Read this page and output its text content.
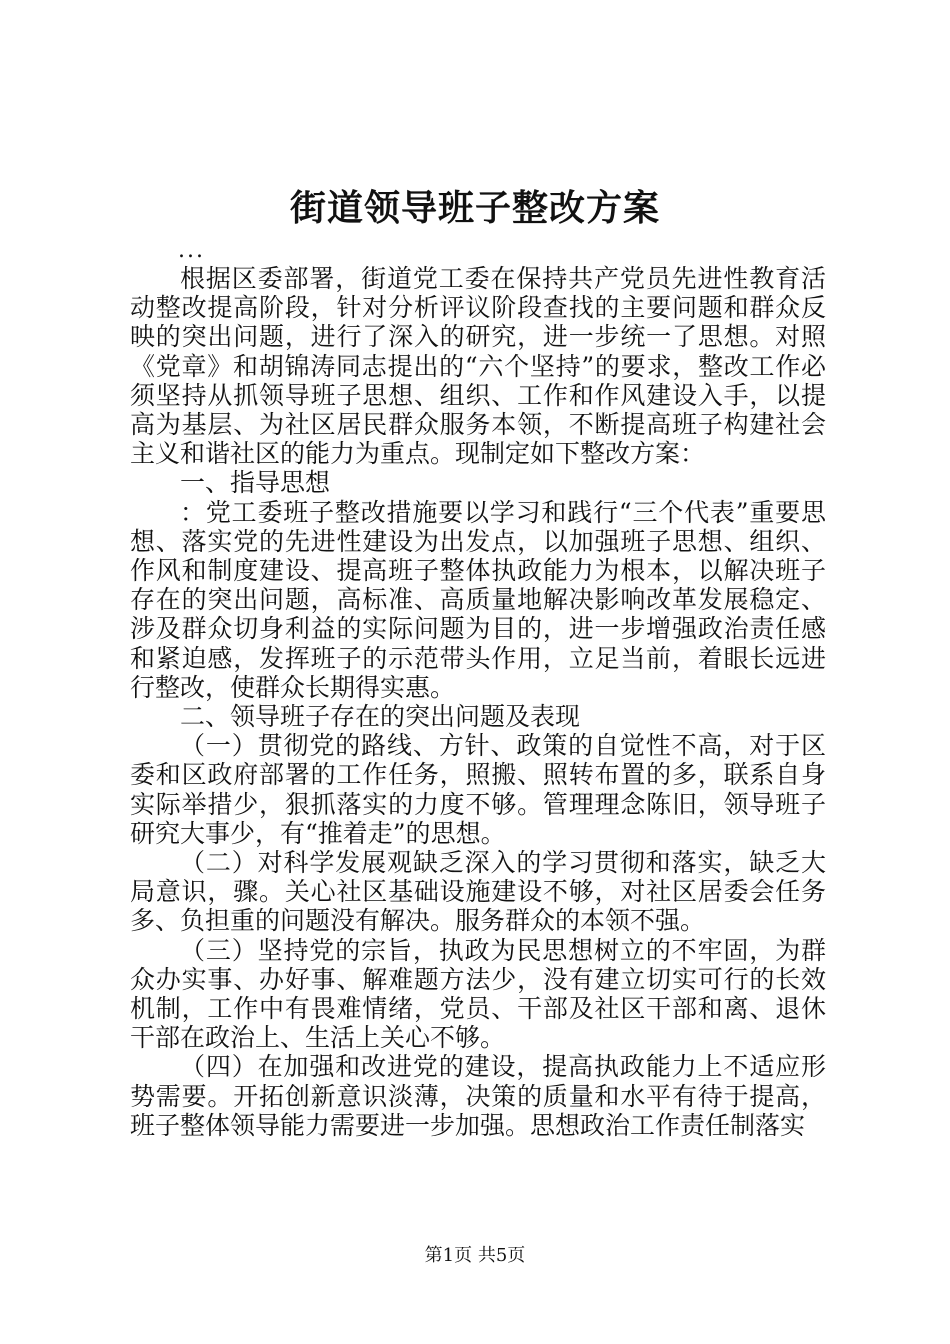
街道领导班子整改方案
...

根据区委部署，街道党工委在保持共产党员先进性教育活动整改提高阶段，针对分析评议阶段查找的主要问题和群众反映的突出问题，进行了深入的研究，进一步统一了思想。对照《党章》和胡锦涛同志提出的“六个坚持”的要求，整改工作必须坚持从抓领导班子思想、组织、工作和作风建设入手，以提高为基层、为社区居民群众服务本领，不断提高班子构建社会主义和谐社区的能力为重点。现制定如下整改方案：

一、指导思想

：党工委班子整改措施要以学习和践行“三个代表”重要思想、落实党的先进性建设为出发点，以加强班子思想、组织、作风和制度建设、提高班子整体执政能力为根本，以解决班子存在的突出问题，高标准、高质量地解决影响改革发展稳定、涉及群众切身利益的实际问题为目的，进一步增强政治责任感和紧迫感，发挥班子的示范带头作用，立足当前，着眼长远进行整改，使群众长期得实惠。

二、领导班子存在的突出问题及表现

（一）贯彻党的路线、方针、政策的自觉性不高，对于区委和区政府部署的工作任务，照搬、照转布置的多，联系自身实际举措少，狠抓落实的力度不够。管理理念陈旧，领导班子研究大事少，有“推着走”的思想。

（二）对科学发展观缺乏深入的学习贯彻和落实，缺乏大局意识，骤。关心社区基础设施建设不够，对社区居委会任务多、负担重的问题没有解决。服务群众的本领不强。

（三）坚持党的宗旨，执政为民思想树立的不牢固，为群众办实事、办好事、解难题方法少，没有建立切实可行的长效机制，工作中有畏难情绪，党员、干部及社区干部和离、退休干部在政治上、生活上关心不够。

（四）在加强和改进党的建设，提高执政能力上不适应形势需要。开拓创新意识淡薄，决策的质量和水平有待于提高，班子整体领导能力需要进一步加强。思想政治工作责任制落实

第1页 共5页
